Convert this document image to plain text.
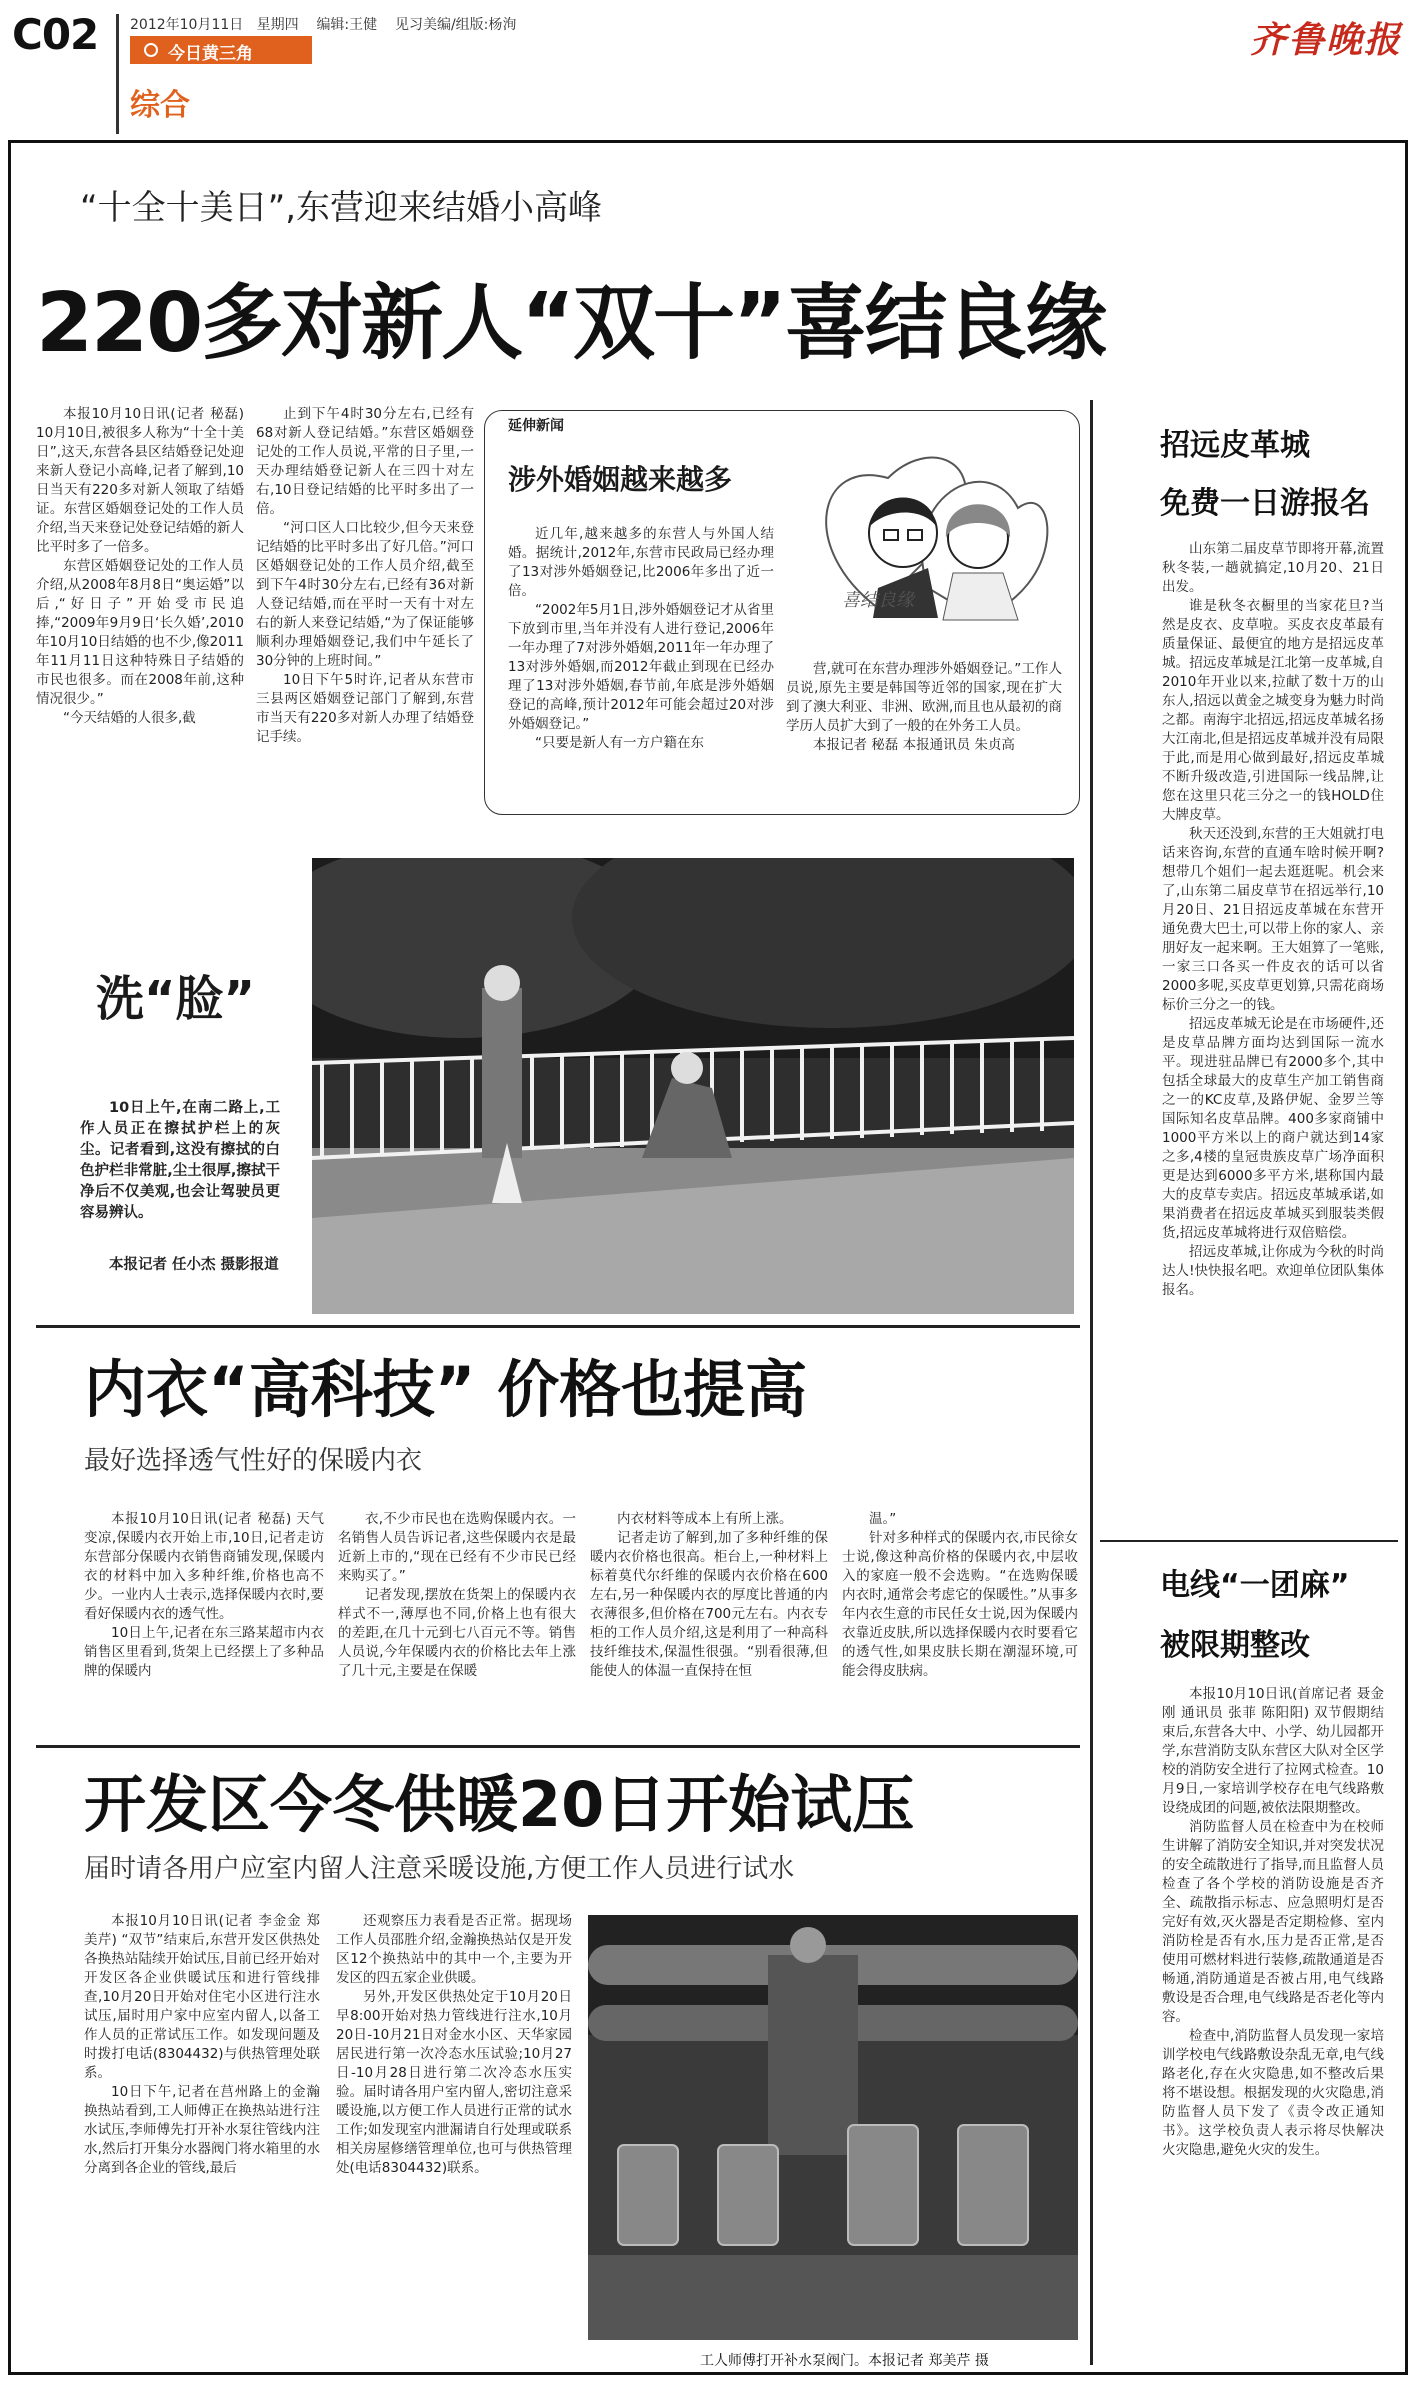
C02 2012年10月11日 星期四 编辑:王健 见习美编/组版:杨洵
今日黄三角
综合
齐鲁晚报
“十全十美日”,东营迎来结婚小高峰
220多对新人“双十”喜结良缘

本报10月10日讯(记者 秘磊) 10月10日,被很多人称为“十全十美日”,这天,东营各县区结婚登记处迎来新人登记小高峰,记者了解到,10日当天有220多对新人领取了结婚证。东营区婚姻登记处的工作人员介绍,当天来登记处登记结婚的新人比平时多了一倍多。

东营区婚姻登记处的工作人员介绍,从2008年8月8日“奥运婚”以后,“好日子”开始受市民追捧,“2009年9月9日‘长久婚’,2010年10月10日结婚的也不少,像2011年11月11日这种特殊日子结婚的市民也很多。而在2008年前,这种情况很少。”

“今天结婚的人很多,截

止到下午4时30分左右,已经有68对新人登记结婚。”东营区婚姻登记处的工作人员说,平常的日子里,一天办理结婚登记新人在三四十对左右,10日登记结婚的比平时多出了一倍。

“河口区人口比较少,但今天来登记结婚的比平时多出了好几倍。”河口区婚姻登记处的工作人员介绍,截至到下午4时30分左右,已经有36对新人登记结婚,而在平时一天有十对左右的新人来登记结婚,“为了保证能够顺利办理婚姻登记,我们中午延长了30分钟的上班时间。”

10日下午5时许,记者从东营市三县两区婚姻登记部门了解到,东营市当天有220多对新人办理了结婚登记手续。

延伸新闻
涉外婚姻越来越多
喜结良缘

近几年,越来越多的东营人与外国人结婚。据统计,2012年,东营市民政局已经办理了13对涉外婚姻登记,比2006年多出了近一倍。

“2002年5月1日,涉外婚姻登记才从省里下放到市里,当年并没有人进行登记,2006年一年办理了7对涉外婚姻,2011年一年办理了13对涉外婚姻,而2012年截止到现在已经办理了13对涉外婚姻,春节前,年底是涉外婚姻登记的高峰,预计2012年可能会超过20对涉外婚姻登记。”

“只要是新人有一方户籍在东

营,就可在东营办理涉外婚姻登记。”工作人员说,原先主要是韩国等近邻的国家,现在扩大到了澳大利亚、非洲、欧洲,而且也从最初的商学历人员扩大到了一般的在外务工人员。

本报记者 秘磊 本报通讯员 朱贞高

洗“脸”

10日上午,在南二路上,工作人员正在擦拭护栏上的灰尘。记者看到,这没有擦拭的白色护栏非常脏,尘土很厚,擦拭干净后不仅美观,也会让驾驶员更容易辨认。

本报记者 任小杰 摄影报道

内衣“高科技” 价格也提高
最好选择透气性好的保暖内衣

本报10月10日讯(记者 秘磊) 天气变凉,保暖内衣开始上市,10日,记者走访东营部分保暖内衣销售商铺发现,保暖内衣的材料中加入多种纤维,价格也高不少。一业内人士表示,选择保暖内衣时,要看好保暖内衣的透气性。

10日上午,记者在东三路某超市内衣销售区里看到,货架上已经摆上了多种品牌的保暖内

衣,不少市民也在选购保暖内衣。一名销售人员告诉记者,这些保暖内衣是最近新上市的,“现在已经有不少市民已经来购买了。”

记者发现,摆放在货架上的保暖内衣样式不一,薄厚也不同,价格上也有很大的差距,在几十元到七八百元不等。销售人员说,今年保暖内衣的价格比去年上涨了几十元,主要是在保暖

内衣材料等成本上有所上涨。

记者走访了解到,加了多种纤维的保暖内衣价格也很高。柜台上,一种材料上标着莫代尔纤维的保暖内衣价格在600左右,另一种保暖内衣的厚度比普通的内衣薄很多,但价格在700元左右。内衣专柜的工作人员介绍,这是利用了一种高科技纤维技术,保温性很强。“别看很薄,但能使人的体温一直保持在恒

温。”

针对多种样式的保暖内衣,市民徐女士说,像这种高价格的保暖内衣,中层收入的家庭一般不会选购。“在选购保暖内衣时,通常会考虑它的保暖性。”从事多年内衣生意的市民任女士说,因为保暖内衣靠近皮肤,所以选择保暖内衣时要看它的透气性,如果皮肤长期在潮湿环境,可能会得皮肤病。

开发区今冬供暖20日开始试压
届时请各用户应室内留人注意采暖设施,方便工作人员进行试水

本报10月10日讯(记者 李金金 郑美芹) “双节”结束后,东营开发区供热处各换热站陆续开始试压,目前已经开始对开发区各企业供暖试压和进行管线排查,10月20日开始对住宅小区进行注水试压,届时用户家中应室内留人,以备工作人员的正常试压工作。如发现问题及时拨打电话(8304432)与供热管理处联系。

10日下午,记者在莒州路上的金瀚换热站看到,工人师傅正在换热站进行注水试压,李师傅先打开补水泵往管线内注水,然后打开集分水器阀门将水箱里的水分离到各企业的管线,最后

还观察压力表看是否正常。据现场工作人员邵胜介绍,金瀚换热站仅是开发区12个换热站中的其中一个,主要为开发区的四五家企业供暖。

另外,开发区供热处定于10月20日早8:00开始对热力管线进行注水,10月20日-10月21日对金水小区、天华家园居民进行第一次冷态水压试验;10月27日-10月28日进行第二次冷态水压实验。届时请各用户室内留人,密切注意采暖设施,以方便工作人员进行正常的试水工作;如发现室内泄漏请自行处理或联系相关房屋修缮管理单位,也可与供热管理处(电话8304432)联系。

工人师傅打开补水泵阀门。本报记者 郑美芹 摄
招远皮革城
免费一日游报名

山东第二届皮草节即将开幕,流置秋冬装,一趟就搞定,10月20、21日出发。

谁是秋冬衣橱里的当家花旦?当然是皮衣、皮草啦。买皮衣皮革最有质量保证、最便宜的地方是招远皮革城。招远皮革城是江北第一皮革城,自2010年开业以来,拉献了数十万的山东人,招远以黄金之城变身为魅力时尚之都。南海宇北招远,招远皮革城名扬大江南北,但是招远皮革城并没有局限于此,而是用心做到最好,招远皮革城不断升级改造,引进国际一线品牌,让您在这里只花三分之一的钱HOLD住大牌皮草。

秋天还没到,东营的王大姐就打电话来咨询,东营的直通车啥时候开啊?想带几个姐们一起去逛逛呢。机会来了,山东第二届皮草节在招远举行,10月20日、21日招远皮革城在东营开通免费大巴士,可以带上你的家人、亲朋好友一起来啊。王大姐算了一笔账,一家三口各买一件皮衣的话可以省2000多呢,买皮草更划算,只需花商场标价三分之一的钱。

招远皮革城无论是在市场硬件,还是皮草品牌方面均达到国际一流水平。现进驻品牌已有2000多个,其中包括全球最大的皮草生产加工销售商之一的KC皮草,及路伊妮、金罗兰等国际知名皮草品牌。400多家商铺中1000平方米以上的商户就达到14家之多,4楼的皇冠贵族皮草广场净面积更是达到6000多平方米,堪称国内最大的皮草专卖店。招远皮革城承诺,如果消费者在招远皮革城买到服装类假货,招远皮革城将进行双倍赔偿。

招远皮革城,让你成为今秋的时尚达人!快快报名吧。欢迎单位团队集体报名。

电线“一团麻”
被限期整改

本报10月10日讯(首席记者 聂金刚 通讯员 张菲 陈阳阳) 双节假期结束后,东营各大中、小学、幼儿园都开学,东营消防支队东营区大队对全区学校的消防安全进行了拉网式检查。10月9日,一家培训学校存在电气线路敷设绕成团的问题,被依法限期整改。

消防监督人员在检查中为在校师生讲解了消防安全知识,并对突发状况的安全疏散进行了指导,而且监督人员检查了各个学校的消防设施是否齐全、疏散指示标志、应急照明灯是否完好有效,灭火器是否定期检修、室内消防栓是否有水,压力是否正常,是否使用可燃材料进行装修,疏散通道是否畅通,消防通道是否被占用,电气线路敷设是否合理,电气线路是否老化等内容。

检查中,消防监督人员发现一家培训学校电气线路敷设杂乱无章,电气线路老化,存在火灾隐患,如不整改后果将不堪设想。根据发现的火灾隐患,消防监督人员下发了《责令改正通知书》。这学校负责人表示将尽快解决火灾隐患,避免火灾的发生。
